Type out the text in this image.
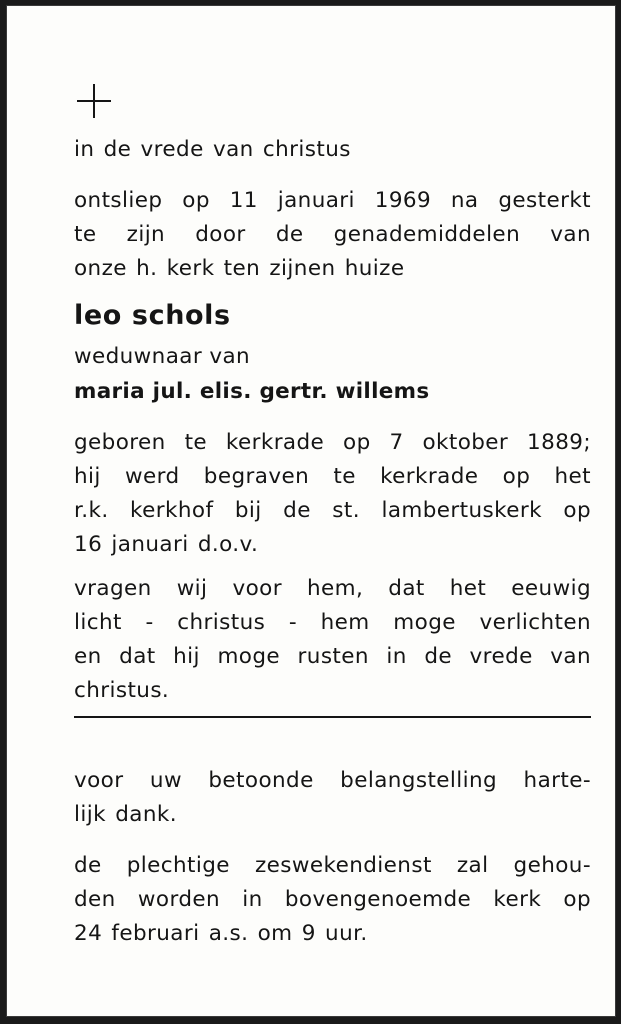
in de vrede van christus
ontsliep op 11 januari 1969 na gesterkt
te zijn door de genademiddelen van
onze h. kerk ten zijnen huize
leo schols
weduwnaar van
maria jul. elis. gertr. willems
geboren te kerkrade op 7 oktober 1889;
hij werd begraven te kerkrade op het
r.k. kerkhof bij de st. lambertuskerk op
16 januari d.o.v.
vragen wij voor hem, dat het eeuwig
licht - christus - hem moge verlichten
en dat hij moge rusten in de vrede van
christus.
voor uw betoonde belangstelling harte-
lijk dank.
de plechtige zeswekendienst zal gehou-
den worden in bovengenoemde kerk op
24 februari a.s. om 9 uur.
